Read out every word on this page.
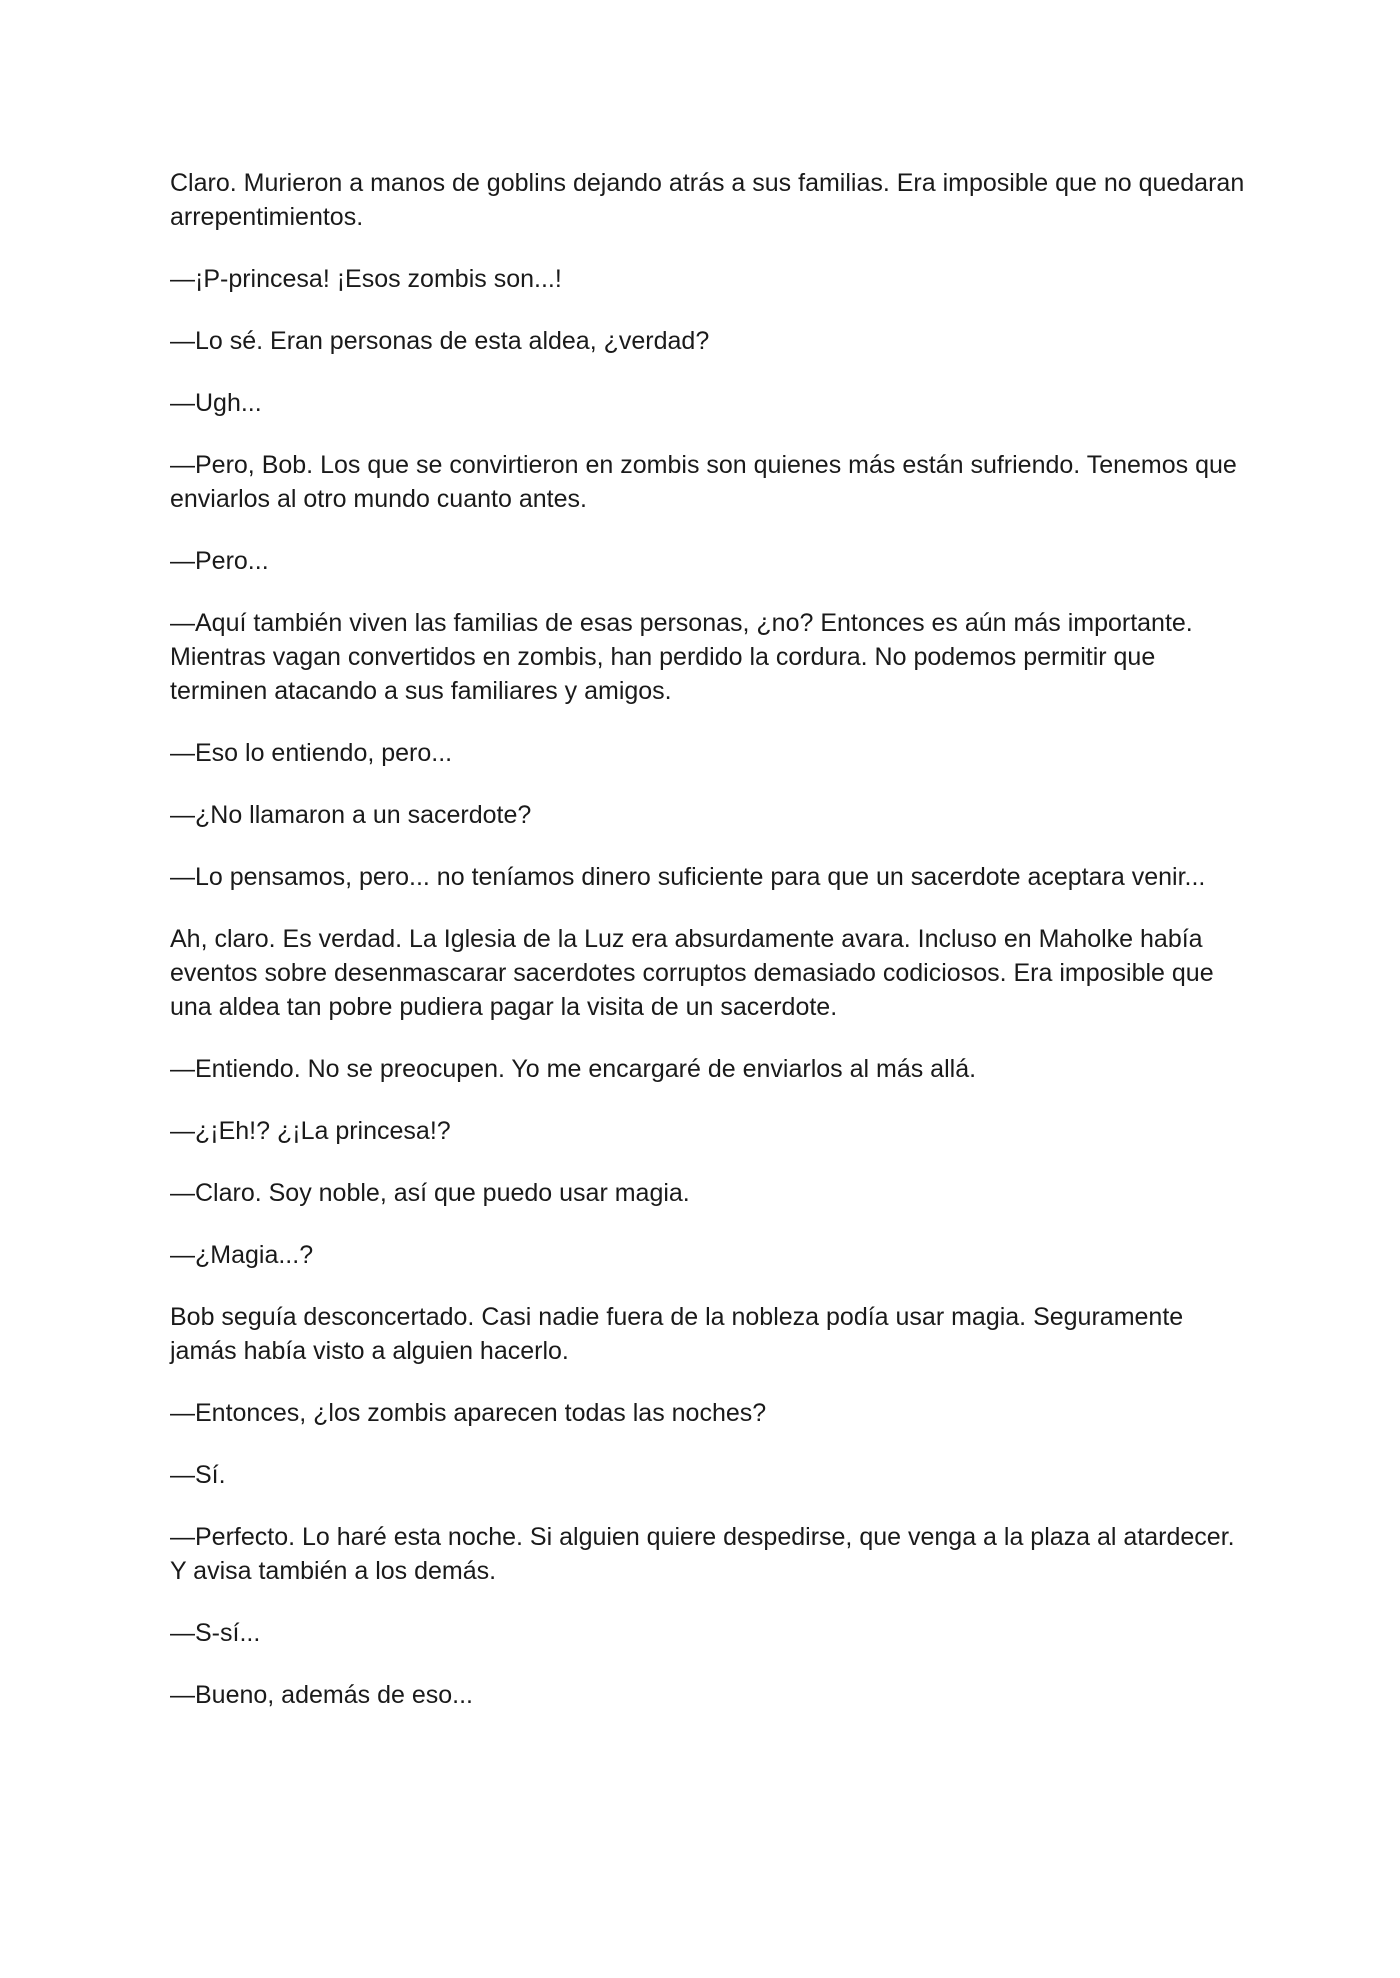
Claro. Murieron a manos de goblins dejando atrás a sus familias. Era imposible que no quedaran arrepentimientos.

—¡P-princesa! ¡Esos zombis son...!

—Lo sé. Eran personas de esta aldea, ¿verdad?

—Ugh...

—Pero, Bob. Los que se convirtieron en zombis son quienes más están sufriendo. Tenemos que enviarlos al otro mundo cuanto antes.

—Pero...

—Aquí también viven las familias de esas personas, ¿no? Entonces es aún más importante. Mientras vagan convertidos en zombis, han perdido la cordura. No podemos permitir que terminen atacando a sus familiares y amigos.

—Eso lo entiendo, pero...

—¿No llamaron a un sacerdote?

—Lo pensamos, pero... no teníamos dinero suficiente para que un sacerdote aceptara venir...

Ah, claro. Es verdad. La Iglesia de la Luz era absurdamente avara. Incluso en Maholke había eventos sobre desenmascarar sacerdotes corruptos demasiado codiciosos. Era imposible que una aldea tan pobre pudiera pagar la visita de un sacerdote.

—Entiendo. No se preocupen. Yo me encargaré de enviarlos al más allá.

—¿¡Eh!? ¿¡La princesa!?

—Claro. Soy noble, así que puedo usar magia.

—¿Magia...?

Bob seguía desconcertado. Casi nadie fuera de la nobleza podía usar magia. Seguramente jamás había visto a alguien hacerlo.

—Entonces, ¿los zombis aparecen todas las noches?

—Sí.

—Perfecto. Lo haré esta noche. Si alguien quiere despedirse, que venga a la plaza al atardecer. Y avisa también a los demás.

—S-sí...

—Bueno, además de eso...
